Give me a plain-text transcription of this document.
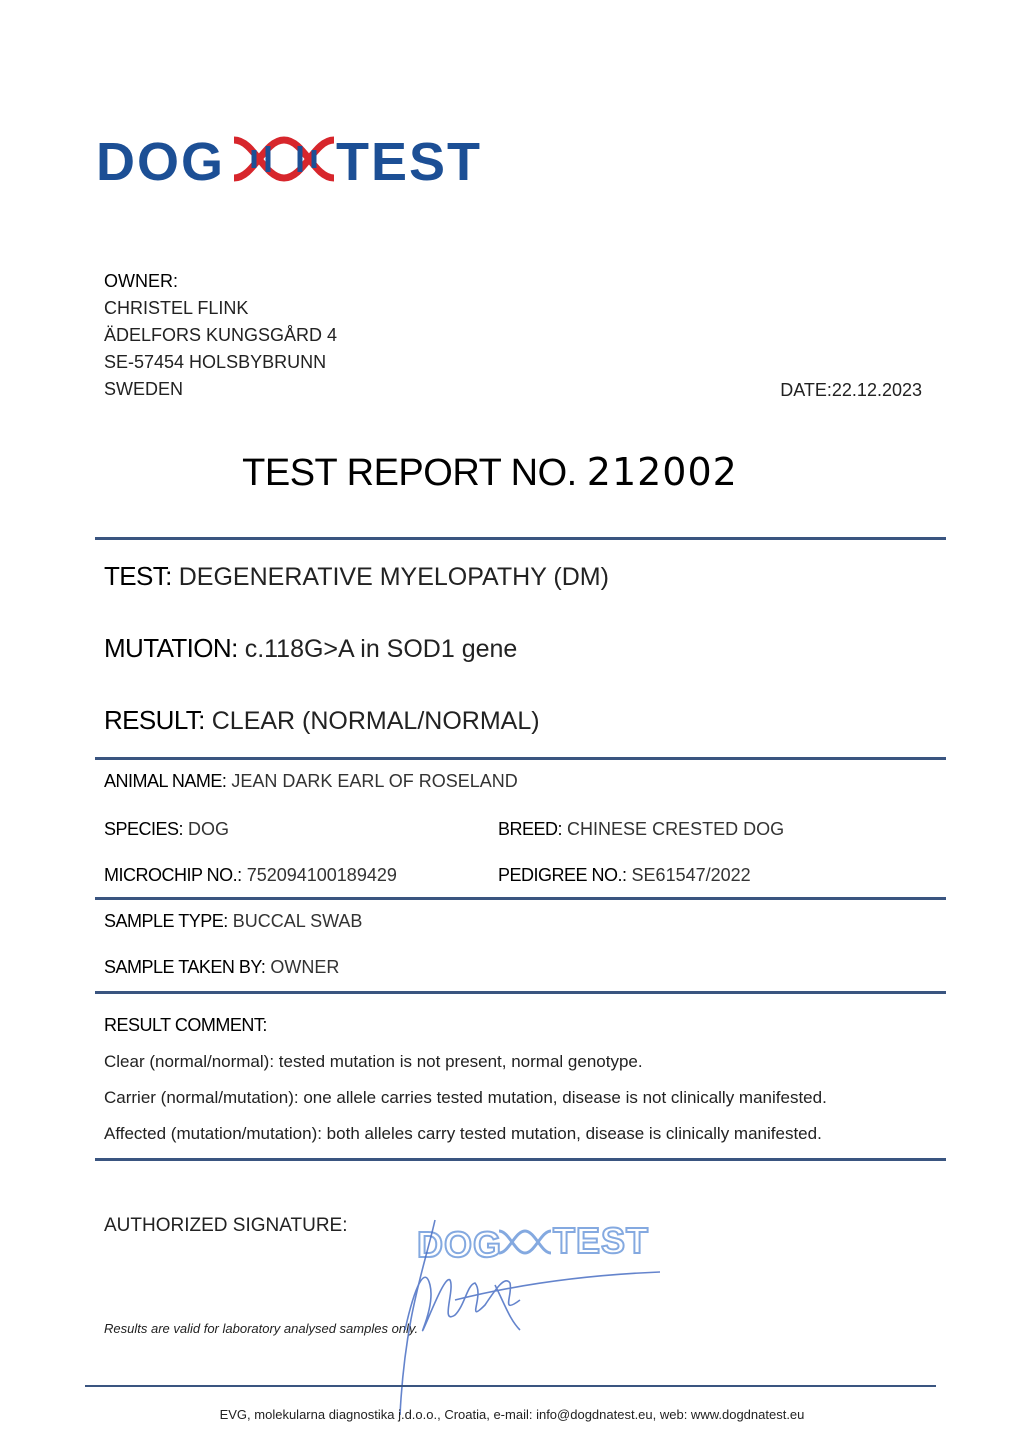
DOG TEST
OWNER:
CHRISTEL FLINK
ÄDELFORS KUNGSGÅRD 4
SE-57454 HOLSBYBRUNN
SWEDEN	DATE:22.12.2023
TEST REPORT NO. 212002
TEST: DEGENERATIVE MYELOPATHY (DM)
MUTATION: c.118G>A in SOD1 gene
RESULT: CLEAR (NORMAL/NORMAL)
ANIMAL NAME: JEAN DARK EARL OF ROSELAND
SPECIES: DOG	BREED: CHINESE CRESTED DOG
MICROCHIP NO.: 752094100189429	PEDIGREE NO.: SE61547/2022
SAMPLE TYPE: BUCCAL SWAB
SAMPLE TAKEN BY: OWNER
RESULT COMMENT:
Clear (normal/normal): tested mutation is not present, normal genotype.
Carrier (normal/mutation): one allele carries tested mutation, disease is not clinically manifested.
Affected (mutation/mutation): both alleles carry tested mutation, disease is clinically manifested.
AUTHORIZED SIGNATURE:
Results are valid for laboratory analysed samples only.
DOG TEST
EVG, molekularna diagnostika j.d.o.o., Croatia, e-mail: info@dogdnatest.eu, web: www.dogdnatest.eu
